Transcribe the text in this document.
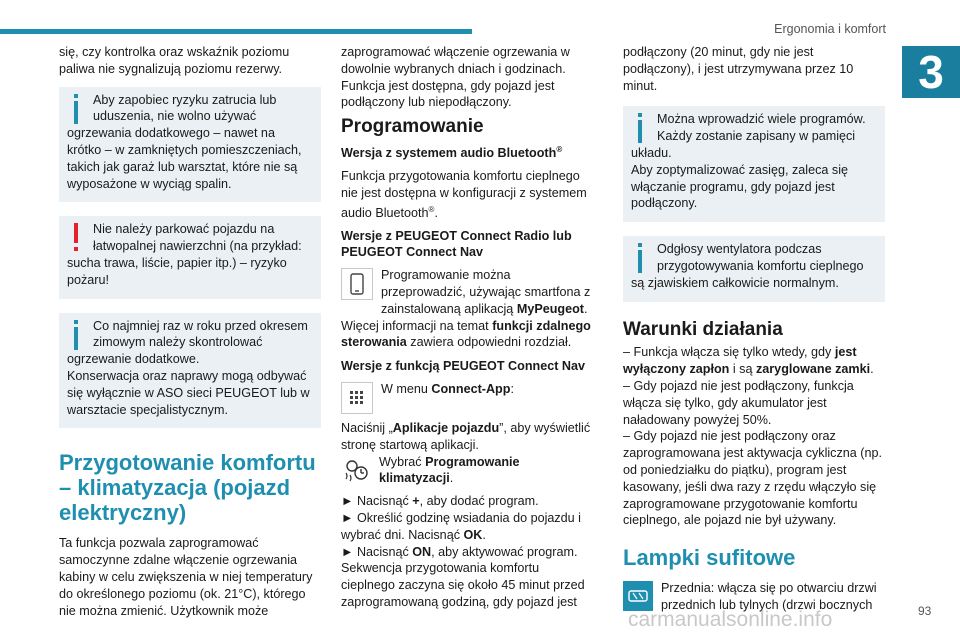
Ergonomia i komfort
3

się, czy kontrolka oraz wskaźnik poziomu paliwa nie sygnalizują poziomu rezerwy.

Aby zapobiec ryzyku zatrucia lub uduszenia, nie wolno używać ogrzewania dodatkowego – nawet na krótko – w zamkniętych pomieszczeniach, takich jak garaż lub warsztat, które nie są wyposażone w wyciąg spalin.

Nie należy parkować pojazdu na łatwopalnej nawierzchni (na przykład: sucha trawa, liście, papier itp.) – ryzyko pożaru!

Co najmniej raz w roku przed okresem zimowym należy skontrolować ogrzewanie dodatkowe.

Konserwacja oraz naprawy mogą odbywać się wyłącznie w ASO sieci PEUGEOT lub w warsztacie specjalistycznym.

Przygotowanie komfortu – klimatyzacja (pojazd elektryczny)

Ta funkcja pozwala zaprogramować samoczynne zdalne włączenie ogrzewania kabiny w celu zwiększenia w niej temperatury do określonego poziomu (ok. 21°C), którego nie można zmienić. Użytkownik może

zaprogramować włączenie ogrzewania w dowolnie wybranych dniach i godzinach. Funkcja jest dostępna, gdy pojazd jest podłączony lub niepodłączony.

Programowanie
Wersja z systemem audio Bluetooth®

Funkcja przygotowania komfortu cieplnego nie jest dostępna w konfiguracji z systemem audio Bluetooth®.

Wersje z PEUGEOT Connect Radio lub PEUGEOT Connect Nav

Programowanie można przeprowadzić, używając smartfona z zainstalowaną aplikacją MyPeugeot.

Więcej informacji na temat funkcji zdalnego sterowania zawiera odpowiedni rozdział.

Wersje z funkcją PEUGEOT Connect Nav

W menu Connect-App:

Naciśnij „Aplikacje pojazdu”, aby wyświetlić stronę startową aplikacji.

Wybrać Programowanie klimatyzacji.

► Nacisnąć +, aby dodać program.

► Określić godzinę wsiadania do pojazdu i wybrać dni. Nacisnąć OK.

► Nacisnąć ON, aby aktywować program.

Sekwencja przygotowania komfortu cieplnego zaczyna się około 45 minut przed zaprogramowaną godziną, gdy pojazd jest

podłączony (20 minut, gdy nie jest podłączony), i jest utrzymywana przez 10 minut.

Można wprowadzić wiele programów. Każdy zostanie zapisany w pamięci układu.

Aby zoptymalizować zasięg, zaleca się włączanie programu, gdy pojazd jest podłączony.

Odgłosy wentylatora podczas przygotowywania komfortu cieplnego są zjawiskiem całkowicie normalnym.

Warunki działania

– Funkcja włącza się tylko wtedy, gdy jest wyłączony zapłon i są zaryglowane zamki.

– Gdy pojazd nie jest podłączony, funkcja włącza się tylko, gdy akumulator jest naładowany powyżej 50%.

– Gdy pojazd nie jest podłączony oraz zaprogramowana jest aktywacja cykliczna (np. od poniedziałku do piątku), program jest kasowany, jeśli dwa razy z rzędu włączyło się zaprogramowane przygotowanie komfortu cieplnego, ale pojazd nie był używany.

Lampki sufitowe

Przednia: włącza się po otwarciu drzwi przednich lub tylnych (drzwi bocznych

carmanualsonline.info	93
